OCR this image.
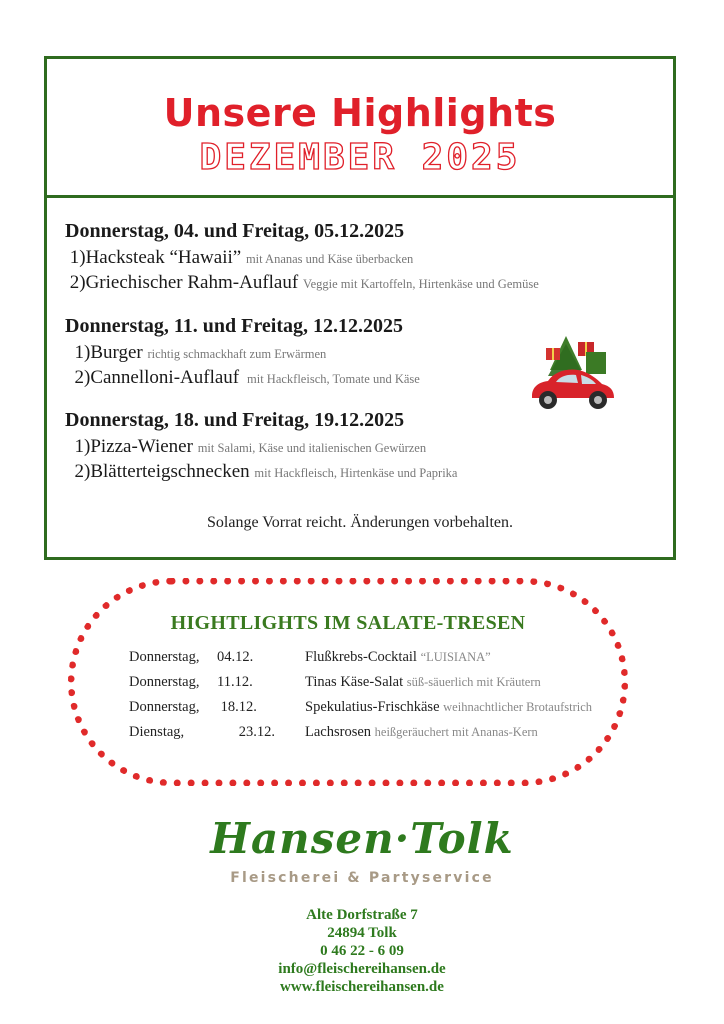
Unsere Highlights
DEZEMBER 2025
Donnerstag, 04. und Freitag, 05.12.2025
1)Hacksteak “Hawaii” mit Ananas und Käse überbacken
2)Griechischer Rahm-Auflauf Veggie mit Kartoffeln, Hirtenkäse und Gemüse
Donnerstag, 11. und Freitag, 12.12.2025
1)Burger richtig schmackhaft zum Erwärmen
2)Cannelloni-Auflauf  mit Hackfleisch, Tomate und Käse
Donnerstag, 18. und Freitag, 19.12.2025
1)Pizza-Wiener mit Salami, Käse und italienischen Gewürzen
2)Blätterteigschnecken mit Hackfleisch, Hirtenkäse und Paprika
Solange Vorrat reicht. Änderungen vorbehalten.
HIGHTLIGHTS IM SALATE-TRESEN
Donnerstag, 04.12.	Flußkrebs-Cocktail “LUISIANA”
Donnerstag, 11.12.	Tinas Käse-Salat süß-säuerlich mit Kräutern
Donnerstag, 18.12.	Spekulatius-Frischkäse weihnachtlicher Brotaufstrich
Dienstag,      23.12. Lachsrosen heißgeräuchert mit Ananas-Kern
Hansen·Tolk
Fleischerei & Partyservice
Alte Dorfstraße 7
24894 Tolk
0 46 22 - 6 09
info@fleischereihansen.de
www.fleischereihansen.de
